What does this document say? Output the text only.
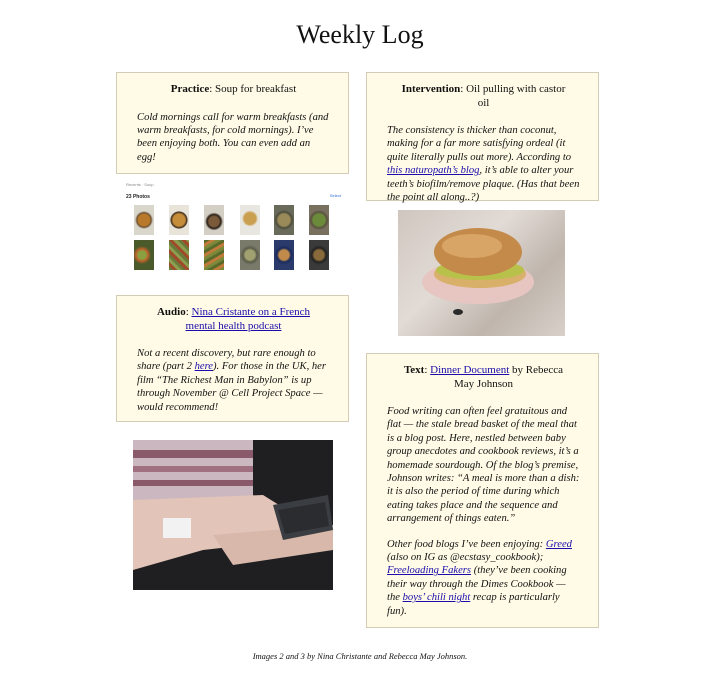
Weekly Log
Practice: Soup for breakfast

Cold mornings call for warm breakfasts (and warm breakfasts, for cold mornings). I’ve been enjoying both. You can even add an egg!

Intervention: Oil pulling with castor oil

The consistency is thicker than coconut, making for a far more satisfying ordeal (it quite literally pulls out more). According to this naturopath’s blog, it’s able to alter your teeth’s biofilm/remove plaque. (Has that been the point all along..?)

Recents · Soup
23 Photos	Select
Audio: Nina Cristante on a French mental health podcast

Not a recent discovery, but rare enough to share (part 2 here). For those in the UK, her film “The Richest Man in Babylon” is up through November @ Cell Project Space — would recommend!

Text: Dinner Document by Rebecca May Johnson

Food writing can often feel gratuitous and flat — the stale bread basket of the meal that is a blog post. Here, nestled between baby group anecdotes and cookbook reviews, it’s a homemade sourdough. Of the blog’s premise, Johnson writes: “A meal is more than a dish: it is also the period of time during which eating takes place and the sequence and arrangement of things eaten.”

Other food blogs I’ve been enjoying: Greed (also on IG as @ecstasy_cookbook); Freeloading Fakers (they’ve been cooking their way through the Dimes Cookbook — the boys’ chili night recap is particularly fun).

Images 2 and 3 by Nina Christante and Rebecca May Johnson.
